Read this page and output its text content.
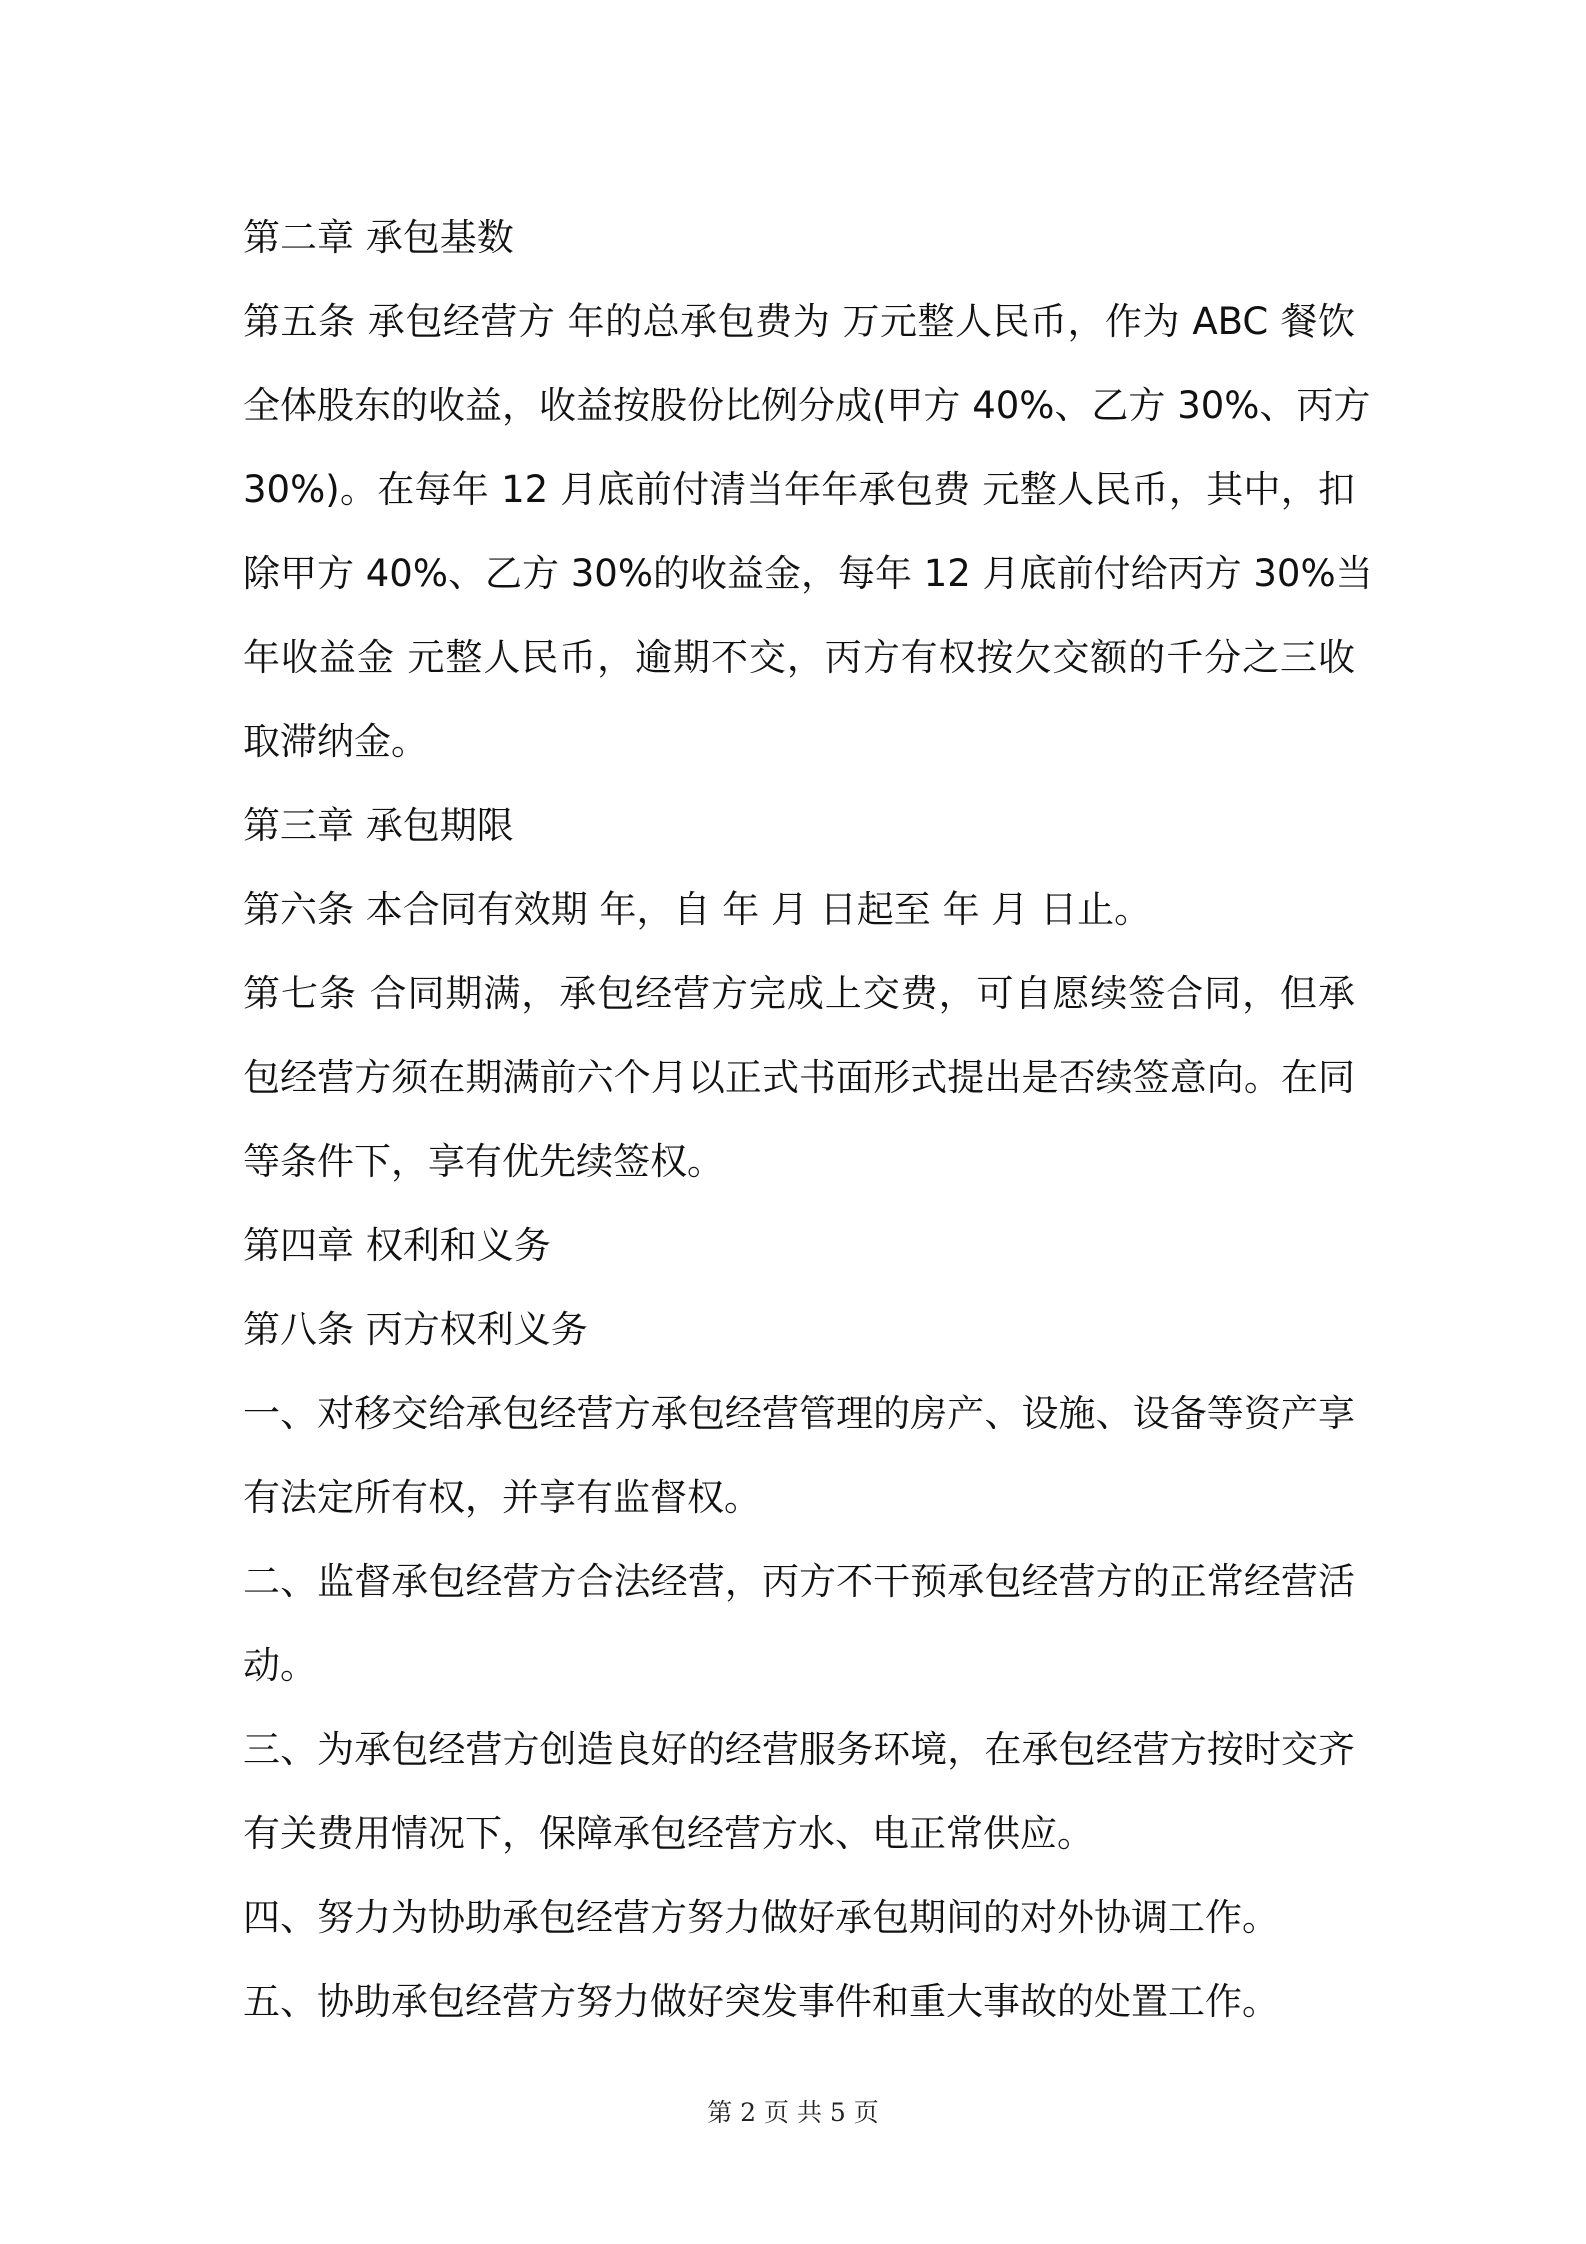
第二章 承包基数
第五条 承包经营方 年的总承包费为 万元整人民币，作为 ABC 餐饮
全体股东的收益，收益按股份比例分成(甲方 40%、乙方 30%、丙方
30%)。在每年 12 月底前付清当年年承包费 元整人民币，其中，扣
除甲方 40%、乙方 30%的收益金，每年 12 月底前付给丙方 30%当
年收益金 元整人民币，逾期不交，丙方有权按欠交额的千分之三收
取滞纳金。
第三章 承包期限
第六条 本合同有效期 年，自 年 月 日起至 年 月 日止。
第七条 合同期满，承包经营方完成上交费，可自愿续签合同，但承
包经营方须在期满前六个月以正式书面形式提出是否续签意向。在同
等条件下，享有优先续签权。
第四章 权利和义务
第八条 丙方权利义务
一、对移交给承包经营方承包经营管理的房产、设施、设备等资产享
有法定所有权，并享有监督权。
二、监督承包经营方合法经营，丙方不干预承包经营方的正常经营活
动。
三、为承包经营方创造良好的经营服务环境，在承包经营方按时交齐
有关费用情况下，保障承包经营方水、电正常供应。
四、努力为协助承包经营方努力做好承包期间的对外协调工作。
五、协助承包经营方努力做好突发事件和重大事故的处置工作。
第 2 页 共 5 页
